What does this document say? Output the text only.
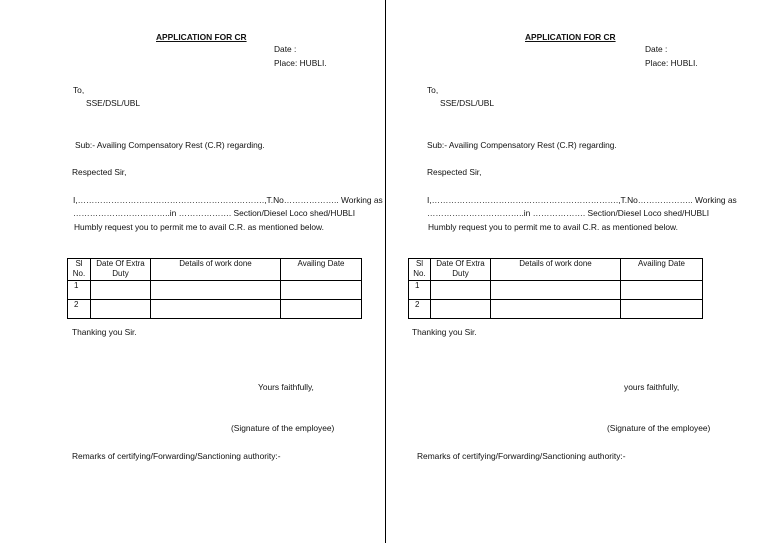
APPLICATION FOR CR
Date :
Place: HUBLI.
To,
SSE/DSL/UBL
Sub:- Availing Compensatory Rest (C.R) regarding.
Respected Sir,
I,………………………………………………………….,T.No……………….. Working as
……………………………..in ………………. Section/Diesel Loco shed/HUBLI
Humbly request you to permit me to avail C.R. as mentioned below.
Sl No.	Date Of Extra Duty	Details of work done	Availing Date
1			
2			
Thanking you Sir.
Yours faithfully,
(Signature of the employee)
Remarks of certifying/Forwarding/Sanctioning authority:-
APPLICATION FOR CR
Date :
Place: HUBLI.
To,
SSE/DSL/UBL
Sub:- Availing Compensatory Rest (C.R) regarding.
Respected Sir,
I,………………………………………………………….,T.No……………….. Working as
……………………………..in ………………. Section/Diesel Loco shed/HUBLI
Humbly request you to permit me to avail C.R. as mentioned below.
Sl No.	Date Of Extra Duty	Details of work done	Availing Date
1			
2			
Thanking you Sir.
yours faithfully,
(Signature of the employee)
Remarks of certifying/Forwarding/Sanctioning authority:-
